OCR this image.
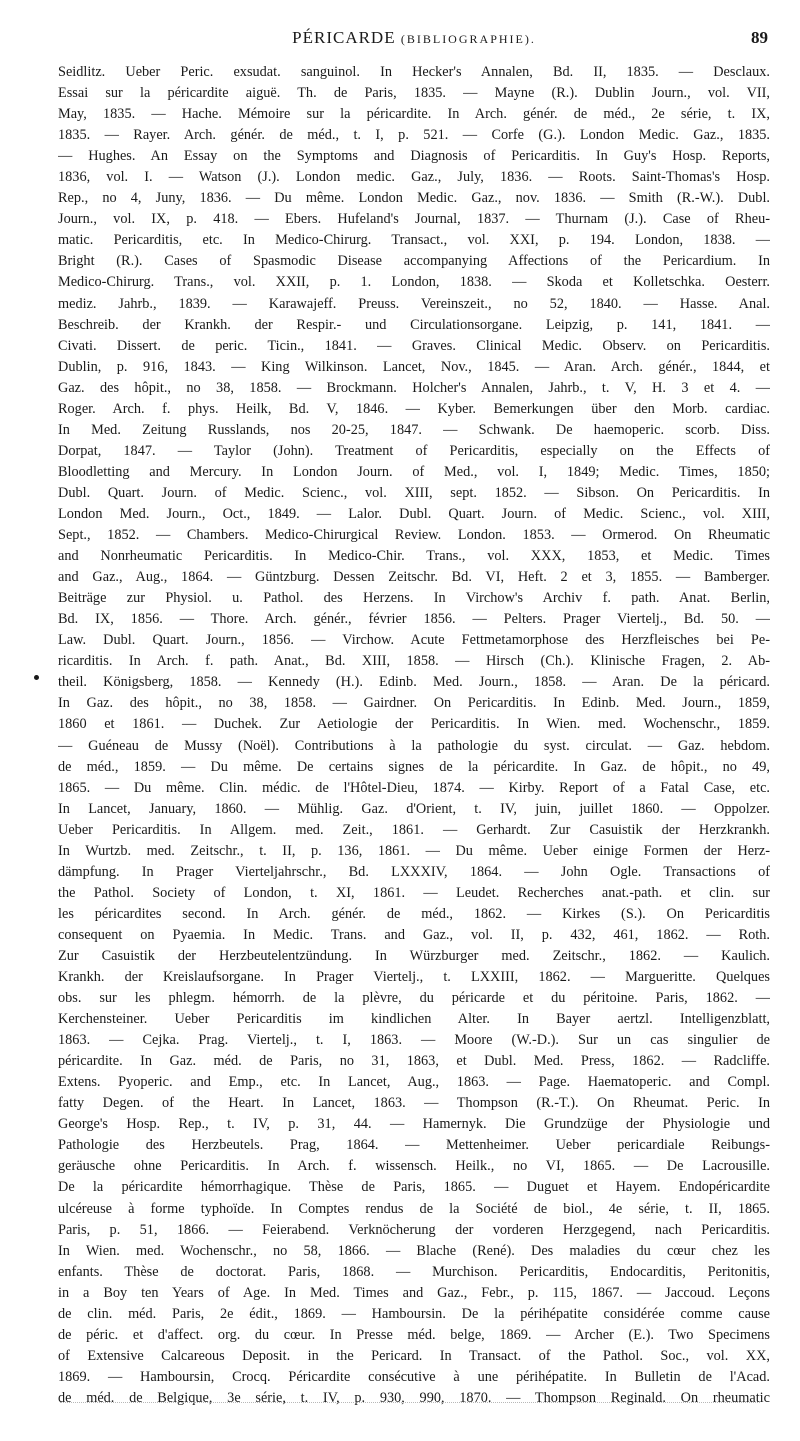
PÉRICARDE (BIBLIOGRAPHIE).	89
Seidlitz. Ueber Peric. exsudat. sanguinol. In Hecker's Annalen, Bd. II, 1835. — Desclaux.
Essai sur la péricardite aiguë. Th. de Paris, 1835. — Mayne (R.). Dublin Journ., vol. VII,
May, 1835. — Hache. Mémoire sur la péricardite. In Arch. génér. de méd., 2e série, t. IX,
1835. — Rayer. Arch. génér. de méd., t. I, p. 521. — Corfe (G.). London Medic. Gaz., 1835.
— Hughes. An Essay on the Symptoms and Diagnosis of Pericarditis. In Guy's Hosp. Reports,
1836, vol. I. — Watson (J.). London medic. Gaz., July, 1836. — Roots. Saint-Thomas's Hosp.
Rep., no 4, Juny, 1836. — Du même. London Medic. Gaz., nov. 1836. — Smith (R.-W.). Dubl.
Journ., vol. IX, p. 418. — Ebers. Hufeland's Journal, 1837. — Thurnam (J.). Case of Rheu-
matic. Pericarditis, etc. In Medico-Chirurg. Transact., vol. XXI, p. 194. London, 1838. —
Bright (R.). Cases of Spasmodic Disease accompanying Affections of the Pericardium. In
Medico-Chirurg. Trans., vol. XXII, p. 1. London, 1838. — Skoda et Kolletschka. Oesterr.
mediz. Jahrb., 1839. — Karawajeff. Preuss. Vereinszeit., no 52, 1840. — Hasse. Anal.
Beschreib. der Krankh. der Respir.- und Circulationsorgane. Leipzig, p. 141, 1841. —
Civati. Dissert. de peric. Ticin., 1841. — Graves. Clinical Medic. Observ. on Pericarditis.
Dublin, p. 916, 1843. — King Wilkinson. Lancet, Nov., 1845. — Aran. Arch. génér., 1844, et
Gaz. des hôpit., no 38, 1858. — Brockmann. Holcher's Annalen, Jahrb., t. V, H. 3 et 4. —
Roger. Arch. f. phys. Heilk, Bd. V, 1846. — Kyber. Bemerkungen über den Morb. cardiac.
In Med. Zeitung Russlands, nos 20-25, 1847. — Schwank. De haemoperic. scorb. Diss.
Dorpat, 1847. — Taylor (John). Treatment of Pericarditis, especially on the Effects of
Bloodletting and Mercury. In London Journ. of Med., vol. I, 1849; Medic. Times, 1850;
Dubl. Quart. Journ. of Medic. Scienc., vol. XIII, sept. 1852. — Sibson. On Pericarditis. In
London Med. Journ., Oct., 1849. — Lalor. Dubl. Quart. Journ. of Medic. Scienc., vol. XIII,
Sept., 1852. — Chambers. Medico-Chirurgical Review. London. 1853. — Ormerod. On Rheumatic
and Nonrheumatic Pericarditis. In Medico-Chir. Trans., vol. XXX, 1853, et Medic. Times
and Gaz., Aug., 1864. — Güntzburg. Dessen Zeitschr. Bd. VI, Heft. 2 et 3, 1855. — Bamberger.
Beiträge zur Physiol. u. Pathol. des Herzens. In Virchow's Archiv f. path. Anat. Berlin,
Bd. IX, 1856. — Thore. Arch. génér., février 1856. — Pelters. Prager Viertelj., Bd. 50. —
Law. Dubl. Quart. Journ., 1856. — Virchow. Acute Fettmetamorphose des Herzfleisches bei Pe-
ricarditis. In Arch. f. path. Anat., Bd. XIII, 1858. — Hirsch (Ch.). Klinische Fragen, 2. Ab-
theil. Königsberg, 1858. — Kennedy (H.). Edinb. Med. Journ., 1858. — Aran. De la péricard.
In Gaz. des hôpit., no 38, 1858. — Gairdner. On Pericarditis. In Edinb. Med. Journ., 1859,
1860 et 1861. — Duchek. Zur Aetiologie der Pericarditis. In Wien. med. Wochenschr., 1859.
— Guéneau de Mussy (Noël). Contributions à la pathologie du syst. circulat. — Gaz. hebdom.
de méd., 1859. — Du même. De certains signes de la péricardite. In Gaz. de hôpit., no 49,
1865. — Du même. Clin. médic. de l'Hôtel-Dieu, 1874. — Kirby. Report of a Fatal Case, etc.
In Lancet, January, 1860. — Mühlig. Gaz. d'Orient, t. IV, juin, juillet 1860. — Oppolzer.
Ueber Pericarditis. In Allgem. med. Zeit., 1861. — Gerhardt. Zur Casuistik der Herzkrankh.
In Wurtzb. med. Zeitschr., t. II, p. 136, 1861. — Du même. Ueber einige Formen der Herz-
dämpfung. In Prager Vierteljahrschr., Bd. LXXXIV, 1864. — John Ogle. Transactions of
the Pathol. Society of London, t. XI, 1861. — Leudet. Recherches anat.-path. et clin. sur
les péricardites second. In Arch. génér. de méd., 1862. — Kirkes (S.). On Pericarditis
consequent on Pyaemia. In Medic. Trans. and Gaz., vol. II, p. 432, 461, 1862. — Roth.
Zur Casuistik der Herzbeutelentzündung. In Würzburger med. Zeitschr., 1862. — Kaulich.
Krankh. der Kreislaufsorgane. In Prager Viertelj., t. LXXIII, 1862. — Margueritte. Quelques
obs. sur les phlegm. hémorrh. de la plèvre, du péricarde et du péritoine. Paris, 1862. —
Kerchensteiner. Ueber Pericarditis im kindlichen Alter. In Bayer aertzl. Intelligenzblatt,
1863. — Cejka. Prag. Viertelj., t. I, 1863. — Moore (W.-D.). Sur un cas singulier de
péricardite. In Gaz. méd. de Paris, no 31, 1863, et Dubl. Med. Press, 1862. — Radcliffe.
Extens. Pyoperic. and Emp., etc. In Lancet, Aug., 1863. — Page. Haematoperic. and Compl.
fatty Degen. of the Heart. In Lancet, 1863. — Thompson (R.-T.). On Rheumat. Peric. In
George's Hosp. Rep., t. IV, p. 31, 44. — Hamernyk. Die Grundzüge der Physiologie und
Pathologie des Herzbeutels. Prag, 1864. — Mettenheimer. Ueber pericardiale Reibungs-
geräusche ohne Pericarditis. In Arch. f. wissensch. Heilk., no VI, 1865. — De Lacrousille.
De la péricardite hémorrhagique. Thèse de Paris, 1865. — Duguet et Hayem. Endopéricardite
ulcéreuse à forme typhoïde. In Comptes rendus de la Société de biol., 4e série, t. II, 1865.
Paris, p. 51, 1866. — Feierabend. Verknöcherung der vorderen Herzgegend, nach Pericarditis.
In Wien. med. Wochenschr., no 58, 1866. — Blache (René). Des maladies du cœur chez les
enfants. Thèse de doctorat. Paris, 1868. — Murchison. Pericarditis, Endocarditis, Peritonitis,
in a Boy ten Years of Age. In Med. Times and Gaz., Febr., p. 115, 1867. — Jaccoud. Leçons
de clin. méd. Paris, 2e édit., 1869. — Hamboursin. De la périhépatite considérée comme cause
de péric. et d'affect. org. du cœur. In Presse méd. belge, 1869. — Archer (E.). Two Specimens
of Extensive Calcareous Deposit. in the Pericard. In Transact. of the Pathol. Soc., vol. XX,
1869. — Hamboursin, Crocq. Péricardite consécutive à une périhépatite. In Bulletin de l'Acad.
de méd. de Belgique, 3e série, t. IV, p. 930, 990, 1870. — Thompson Reginald. On rheumatic
